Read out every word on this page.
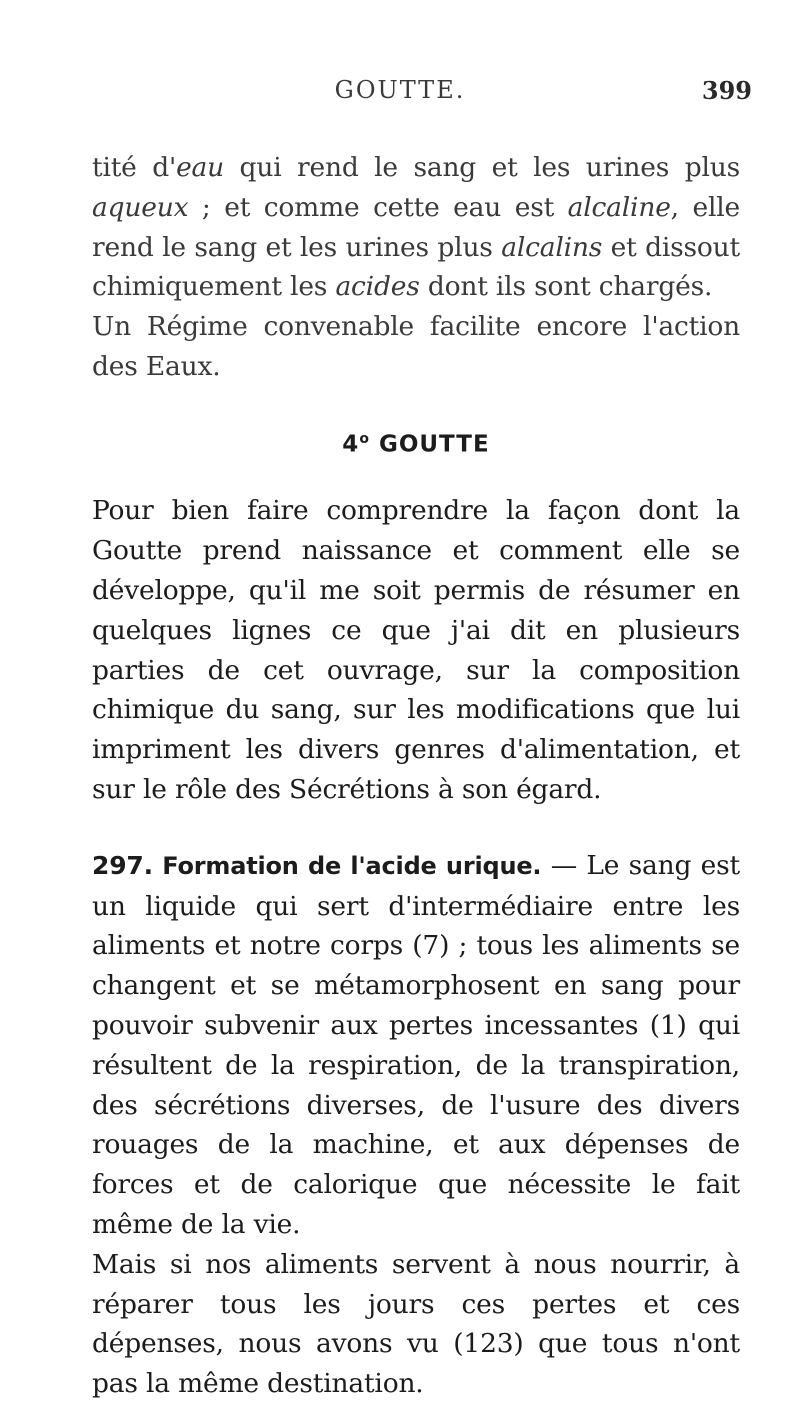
GOUTTE.	399

tité d'eau qui rend le sang et les urines plus aqueux ; et comme cette eau est alcaline, elle rend le sang et les urines plus alcalins et dissout chimiquement les acides dont ils sont chargés.

Un Régime convenable facilite encore l'action des Eaux.

4$^o$ GOUTTE

Pour bien faire comprendre la façon dont la Goutte prend naissance et comment elle se développe, qu'il me soit permis de résumer en quelques lignes ce que j'ai dit en plusieurs parties de cet ouvrage, sur la composition chimique du sang, sur les modifications que lui impriment les divers genres d'alimentation, et sur le rôle des Sécrétions à son égard.

297. Formation de l'acide urique. — Le sang est un liquide qui sert d'intermédiaire entre les aliments et notre corps (7) ; tous les aliments se changent et se métamorphosent en sang pour pouvoir subvenir aux pertes incessantes (1) qui résultent de la respiration, de la transpiration, des sécrétions diverses, de l'usure des divers rouages de la machine, et aux dépenses de forces et de calorique que nécessite le fait même de la vie.

Mais si nos aliments servent à nous nourrir, à réparer tous les jours ces pertes et ces dépenses, nous avons vu (123) que tous n'ont pas la même destination.
